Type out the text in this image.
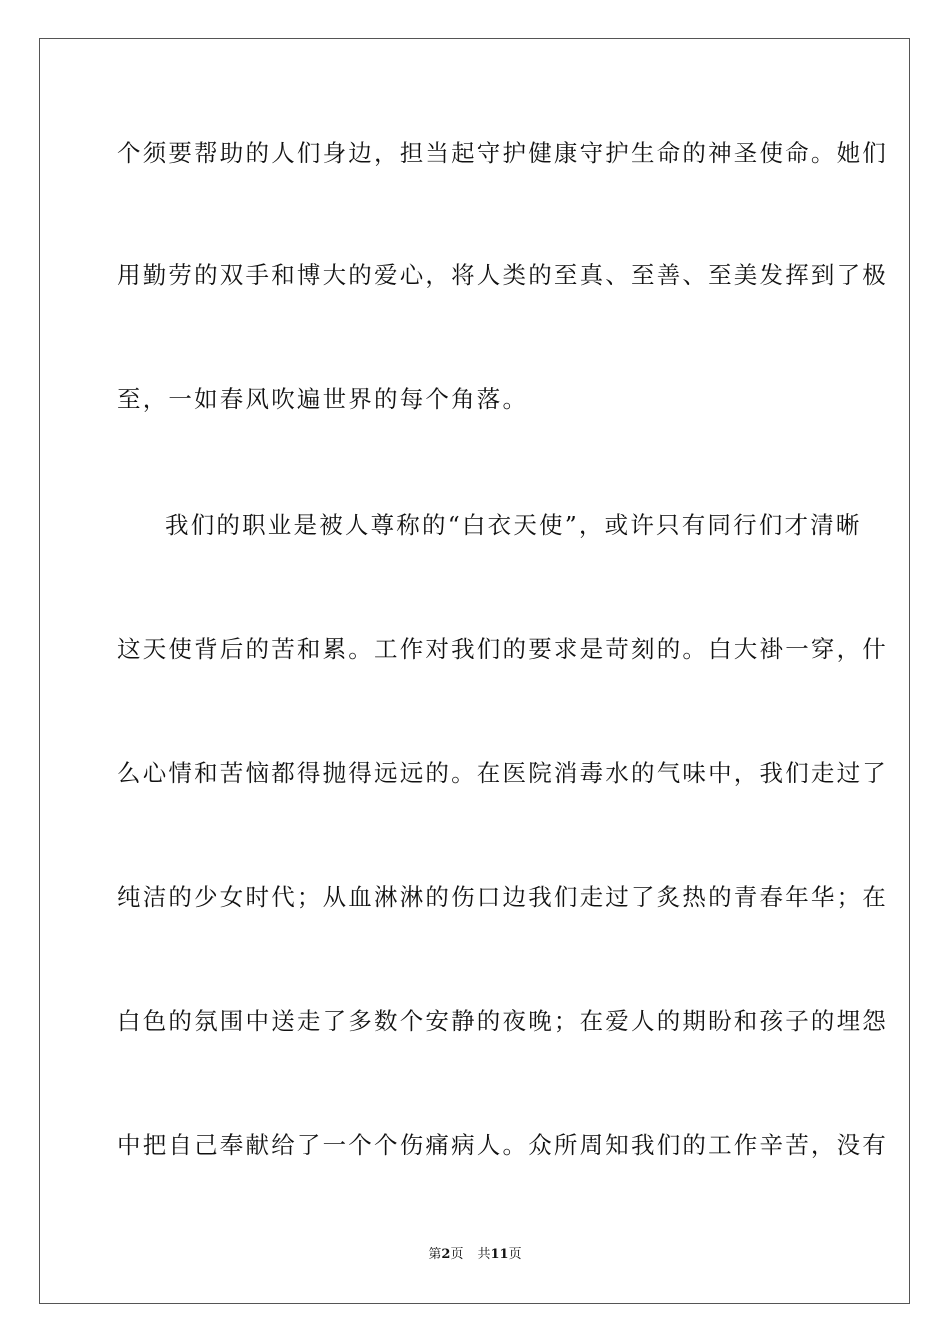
个须要帮助的人们身边，担当起守护健康守护生命的神圣使命。她们
用勤劳的双手和博大的爱心，将人类的至真、至善、至美发挥到了极
至，一如春风吹遍世界的每个角落。
我们的职业是被人尊称的“白衣天使”，或许只有同行们才清晰
这天使背后的苦和累。工作对我们的要求是苛刻的。白大褂一穿，什
么心情和苦恼都得抛得远远的。在医院消毒水的气味中，我们走过了
纯洁的少女时代；从血淋淋的伤口边我们走过了炙热的青春年华；在
白色的氛围中送走了多数个安静的夜晚；在爱人的期盼和孩子的埋怨
中把自己奉献给了一个个伤痛病人。众所周知我们的工作辛苦，没有
第2页 共11页
